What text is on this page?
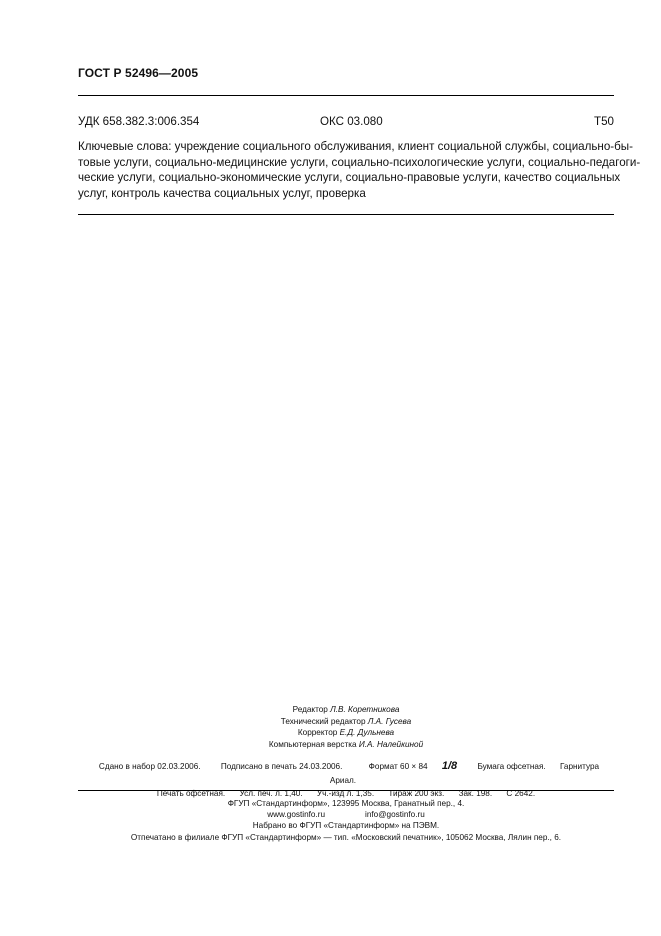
ГОСТ Р 52496—2005
УДК 658.382.3:006.354	ОКС 03.080	Т50
Ключевые слова: учреждение социального обслуживания, клиент социальной службы, социально-бы-
товые услуги, социально-медицинские услуги, социально-психологические услуги, социально-педагоги-
ческие услуги, социально-экономические услуги, социально-правовые услуги, качество социальных
услуг, контроль качества социальных услуг, проверка
Редактор Л.В. Коретникова
Технический редактор Л.А. Гусева
Корректор Е.Д. Дульнева
Компьютерная верстка И.А. Налейкиной
Сдано в набор 02.03.2006. Подписано в печать 24.03.2006.	Формат 60 × 84 1/8 Бумага офсетная. Гарнитура Ариал.
Печать офсетная. Усл. печ. л. 1,40. Уч.-изд л. 1,35. Тираж 200 экз. Зак. 198. С 2642.
ФГУП «Стандартинформ», 123995 Москва, Гранатный пер., 4.
www.gostinfo.ru	info@gostinfo.ru
Набрано во ФГУП «Стандартинформ» на ПЭВМ.
Отпечатано в филиале ФГУП «Стандартинформ» — тип. «Московский печатник», 105062 Москва, Лялин пер., 6.
